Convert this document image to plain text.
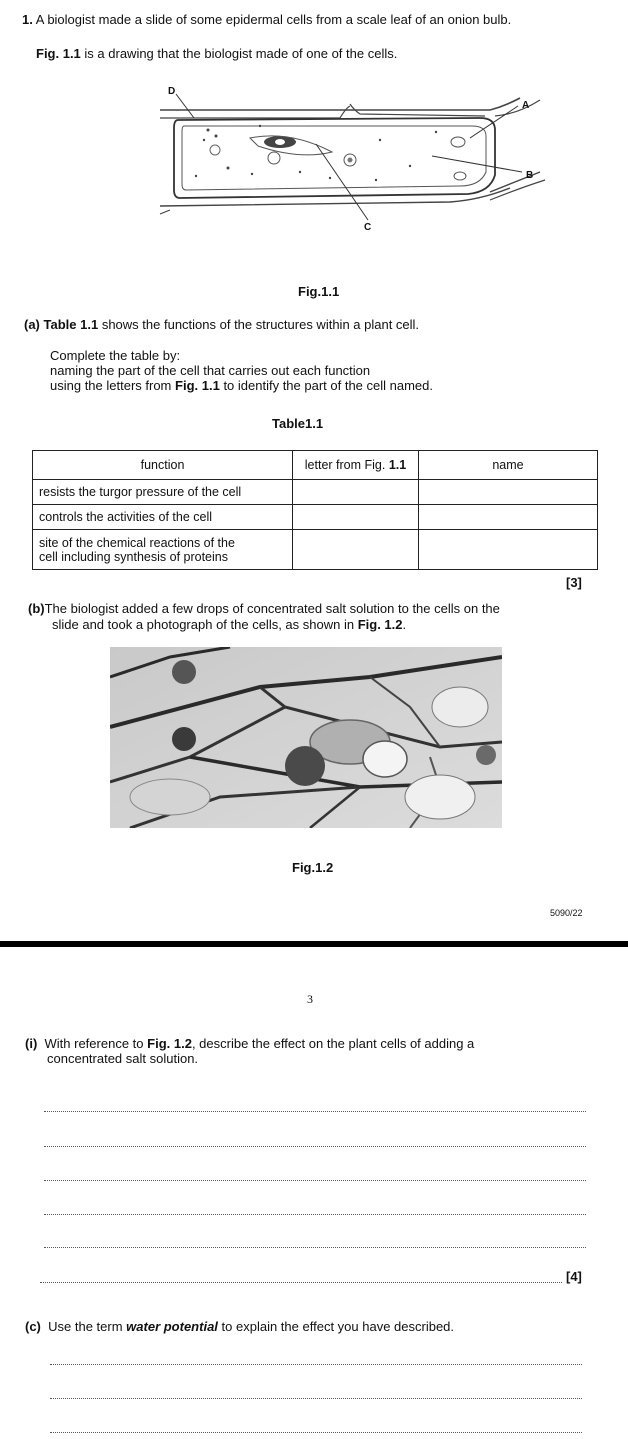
1. A biologist made a slide of some epidermal cells from a scale leaf of an onion bulb.
Fig. 1.1 is a drawing that the biologist made of one of the cells.
D
A
B
C
Fig.1.1
(a) Table 1.1 shows the functions of the structures within a plant cell.
Complete the table by:
naming the part of the cell that carries out each function
using the letters from Fig. 1.1 to identify the part of the cell named.
Table1.1
function	letter from Fig. 1.1	name
resists the turgor pressure of the cell		
controls the activities of the cell		

site of the chemical reactions of the
cell including synthesis of proteins		

[3]
(b)The biologist added a few drops of concentrated salt solution to the cells on the
slide and took a photograph of the cells, as shown in Fig. 1.2.
Fig.1.2
5090/22
3
(i) With reference to Fig. 1.2, describe the effect on the plant cells of adding a
concentrated salt solution.
[4]
(c) Use the term water potential to explain the effect you have described.
